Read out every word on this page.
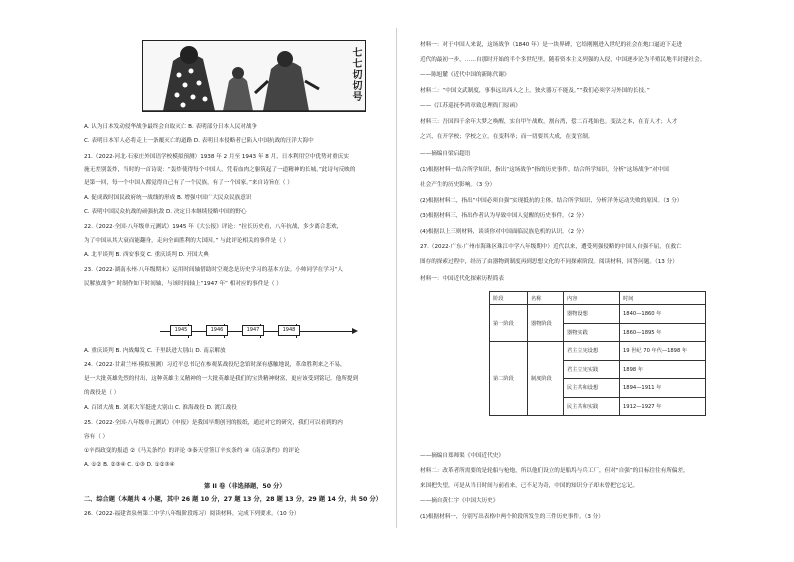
七七切切号
A. 认为日本发动侵华战争最终会自取灭亡 B. 表明部分日本人民对战争
C. 表明日本军人必将走上一条覆灭亡的道路 D. 表明日本侵略者已陷入中国抗战的汪洋大海中
21.（2022·河北·石家庄外国语学校模拟预测）1938 年 2 月至 1943 年 8 月，日本利用空中优势对重庆实
施无差别轰炸，当时的一首诗说：“轰炸使得每个中国人，凭着血肉之躯筑起了一道精神的长城。”此诗句反映的
是第一回，每一个中国人都觉得自己有了一个民族，有了一个国家。”来自诗旨在（ ）
A. 促成战时国民政府统一战线的形成 B. 增强中国广大民众民族意识
C. 表明中国民众抗战的顽强抗敌 D. 决定日本继续侵略中国的野心
22.（2022·全国·八年级单元测试）1945 年《大公报》评论：“拉长历史看，八年抗战，多少离合悲欢，
为了中国从其大衰而能翻身，走向全面胜利的大国因。” 与此评论相关的事件是（ ）
A. 北平谈判 B. 西安事变 C. 重庆谈判 D. 开国大典
23.（2022·湖南永州·八年级期末）运用时间轴借助时空观念是历史学习的基本方法。小帅同学在学习“人
民解放战争” 时制作如下时间轴，与该时间轴上“1947 年” 相对应的事件是（ ）
A. 重庆谈判 B. 内战爆发 C. 千里跃进大别山 D. 南京解放
24.（2022·甘肃兰州·模拟预测）习近平总书记在参观某战役纪念馆时深有感触地说，革命胜利来之不易，
是一大批英雄先烈的付出，这种英雄主义精神的一大批英雄是我们的宝贵精神财富，更应该受到铭记。他所提到
的战役是（ ）
A. 百团大战 B. 刘邓大军挺进大别山 C. 淮海战役 D. 渡江战役
25.（2022·全国·八年级单元测试）《申报》是我国早期创刊的报纸，通过对它的研究，我们可以看到的内
容有（ ）
①辛酉政变的报道 ②《马关条约》的评论 ③秦天堂签订辛亥条约 ④《南京条约》的评论
A. ①② B. ②③④ C. ①③ D. ①②③④
第 II 卷（非选择题，50 分）
二、综合题（本题共 4 小题，其中 26 题 10 分，27 题 13 分，28 题 13 分，29 题 14 分，共 50 分）
26.（2022·福建省泉州第二中学八年级阶段练习）阅读材料，完成下列要求。（10 分）
1945	1946	1947	1948
材料一：对于中国人来说，这场战争（1840 年）是一块界碑，它给刚刚进入世纪的社会在炮口逼迫下走进
近代的最初一步，……自那时开始的半个多世纪里，随着资本主义列强的入侵，中国逐步沦为半殖民地半封建社会。
——陈旭麓《近代中国的新陈代谢》
材料二：“中国文武制度，事事远出西人之上，独火器万不能及。”“我们必须学习外国的长技。”
——《江苏巡抚李鸿章致总理衙门原函》
材料三：吾国四千余年大梦之唤醒，实自甲午战败，割台湾，偿二百兆始也。变法之本，在育人才；人才
之兴，在开学校；学校之立，在变科举；而一切要其大成，在变官制。
——摘编自梁启超语
(1)根据材料一结合所学知识，指出“这场战争”指的历史事件。结合所学知识，分析“这场战争”对中国
社会产生的历史影响。（3 分）
(2)根据材料二，指出“中国必须自强”实现抵抗的主体。结合所学知识，分析洋务运动失败的原因。（3 分）
(3)根据材料三，指出作者认为导致中国人觉醒的历史事件。（2 分）
(4)根据以上三则材料，谈谈你对中国面临民族危机的认识。（2 分）
27.（2022·广东·广州市海珠区珠江中学八年级期中）近代以来，遭受列强侵略的中国人自强不屈，在救亡
图存的探索过程中，经历了由器物到制度再到思想文化的不同探索阶段。阅读材料，回答问题。（13 分）
材料一：中国近代化探索历程简表
——摘编自郑师渠《中国近代史》
材料二：改革者所需要的是轮船与枪炮，所以他们设立的是船坞与兵工厂，但对“自强”的目标往往有所偏差，
来国把失望，可是从当日时间与前看来，已不足为奇，中国的知识分子却未曾把它忘记。
——摘自黄仁宇《中国大历史》
(1)根据材料一，分别写出表格中两个阶段所发生的三件历史事件。（3 分）
阶段	名称	内容	时间
第一阶段	器物阶段	器物设想	1840—1860 年
		器物实践	1860—1895 年
第二阶段	制度阶段	君主立宪设想	19 世纪 70 年代—1898 年
		君主立宪实践	1898 年
		民主共和设想	1894—1911 年
		民主共和实践	1912—1927 年
